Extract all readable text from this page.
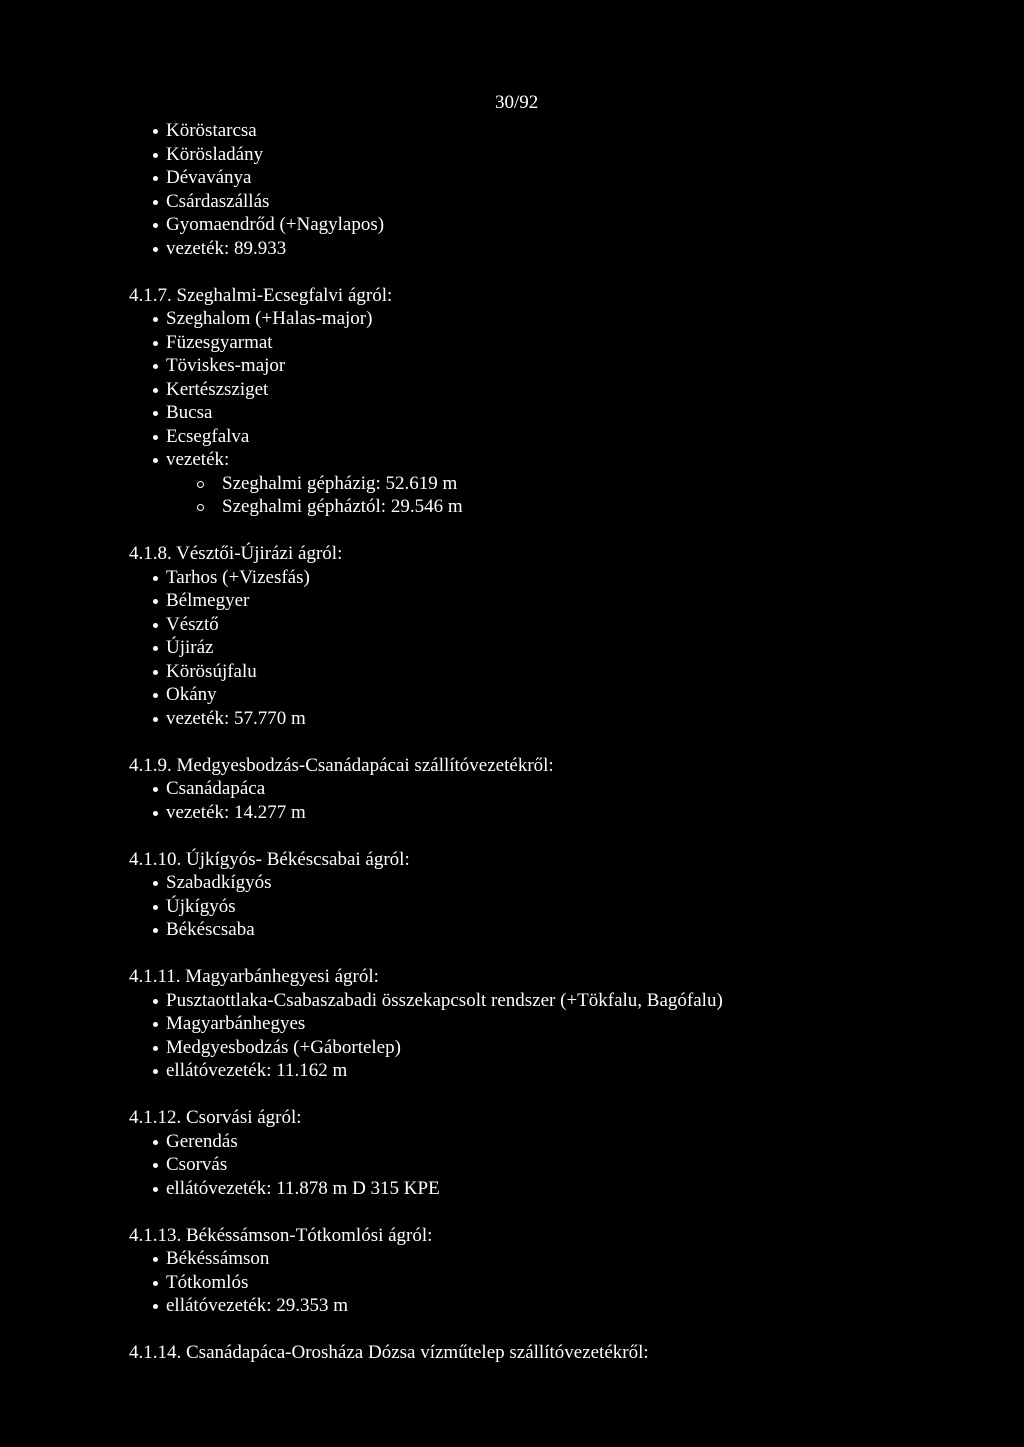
30/92
Köröstarcsa
Körösladány
Dévaványa
Csárdaszállás
Gyomaendrőd (+Nagylapos)
vezeték: 89.933
4.1.7. Szeghalmi-Ecsegfalvi ágról:
Szeghalom (+Halas-major)
Füzesgyarmat
Töviskes-major
Kertészsziget
Bucsa
Ecsegfalva
vezeték:
Szeghalmi gépházig: 52.619 m
Szeghalmi gépháztól: 29.546 m
4.1.8. Vésztői-Újirázi ágról:
Tarhos (+Vizesfás)
Bélmegyer
Vésztő
Újiráz
Körösújfalu
Okány
vezeték: 57.770 m
4.1.9. Medgyesbodzás-Csanádapácai szállítóvezetékről:
Csanádapáca
vezeték: 14.277 m
4.1.10. Újkígyós- Békéscsabai ágról:
Szabadkígyós
Újkígyós
Békéscsaba
4.1.11. Magyarbánhegyesi ágról:
Pusztaottlaka-Csabaszabadi összekapcsolt rendszer (+Tökfalu, Bagófalu)
Magyarbánhegyes
Medgyesbodzás (+Gábortelep)
ellátóvezeték: 11.162 m
4.1.12. Csorvási ágról:
Gerendás
Csorvás
ellátóvezeték: 11.878 m D 315 KPE
4.1.13. Békéssámson-Tótkomlósi ágról:
Békéssámson
Tótkomlós
ellátóvezeték: 29.353 m
4.1.14. Csanádapáca-Orosháza Dózsa vízműtelep szállítóvezetékről:
